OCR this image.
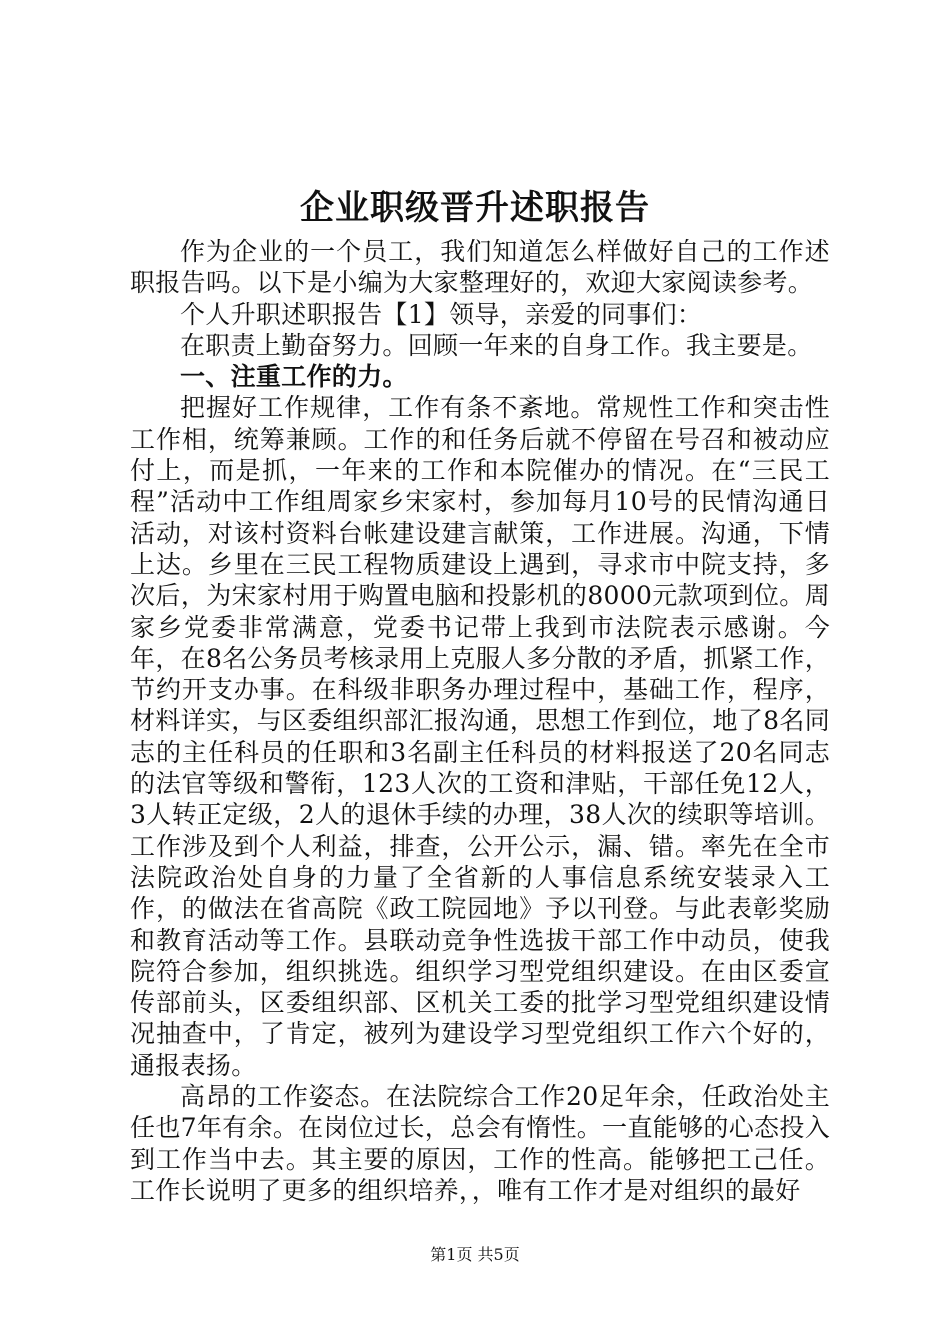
企业职级晋升述职报告

作为企业的一个员工，我们知道怎么样做好自己的工作述职报告吗。以下是小编为大家整理好的，欢迎大家阅读参考。

个人升职述职报告【1】领导，亲爱的同事们：

在职责上勤奋努力。回顾一年来的自身工作。我主要是。

一、注重工作的力。

把握好工作规律，工作有条不紊地。常规性工作和突击性工作相，统筹兼顾。工作的和任务后就不停留在号召和被动应付上，而是抓，一年来的工作和本院催办的情况。在“三民工程”活动中工作组周家乡宋家村，参加每月10号的民情沟通日活动，对该村资料台帐建设建言献策，工作进展。沟通，下情上达。乡里在三民工程物质建设上遇到，寻求市中院支持，多次后，为宋家村用于购置电脑和投影机的8000元款项到位。周家乡党委非常满意，党委书记带上我到市法院表示感谢。今年，在8名公务员考核录用上克服人多分散的矛盾，抓紧工作，节约开支办事。在科级非职务办理过程中，基础工作，程序，材料详实，与区委组织部汇报沟通，思想工作到位，地了8名同志的主任科员的任职和3名副主任科员的材料报送了20名同志的法官等级和警衔，123人次的工资和津贴，干部任免12人，3人转正定级，2人的退休手续的办理，38人次的续职等培训。工作涉及到个人利益，排查，公开公示，漏、错。率先在全市法院政治处自身的力量了全省新的人事信息系统安装录入工作，的做法在省高院《政工院园地》予以刊登。与此表彰奖励和教育活动等工作。县联动竞争性选拔干部工作中动员，使我院符合参加，组织挑选。组织学习型党组织建设。在由区委宣传部前头，区委组织部、区机关工委的批学习型党组织建设情况抽查中，了肯定，被列为建设学习型党组织工作六个好的，通报表扬。

高昂的工作姿态。在法院综合工作20足年余，任政治处主任也7年有余。在岗位过长，总会有惰性。一直能够的心态投入到工作当中去。其主要的原因，工作的性高。能够把工己任。工作长说明了更多的组织培养，，唯有工作才是对组织的最好

第1页 共5页
